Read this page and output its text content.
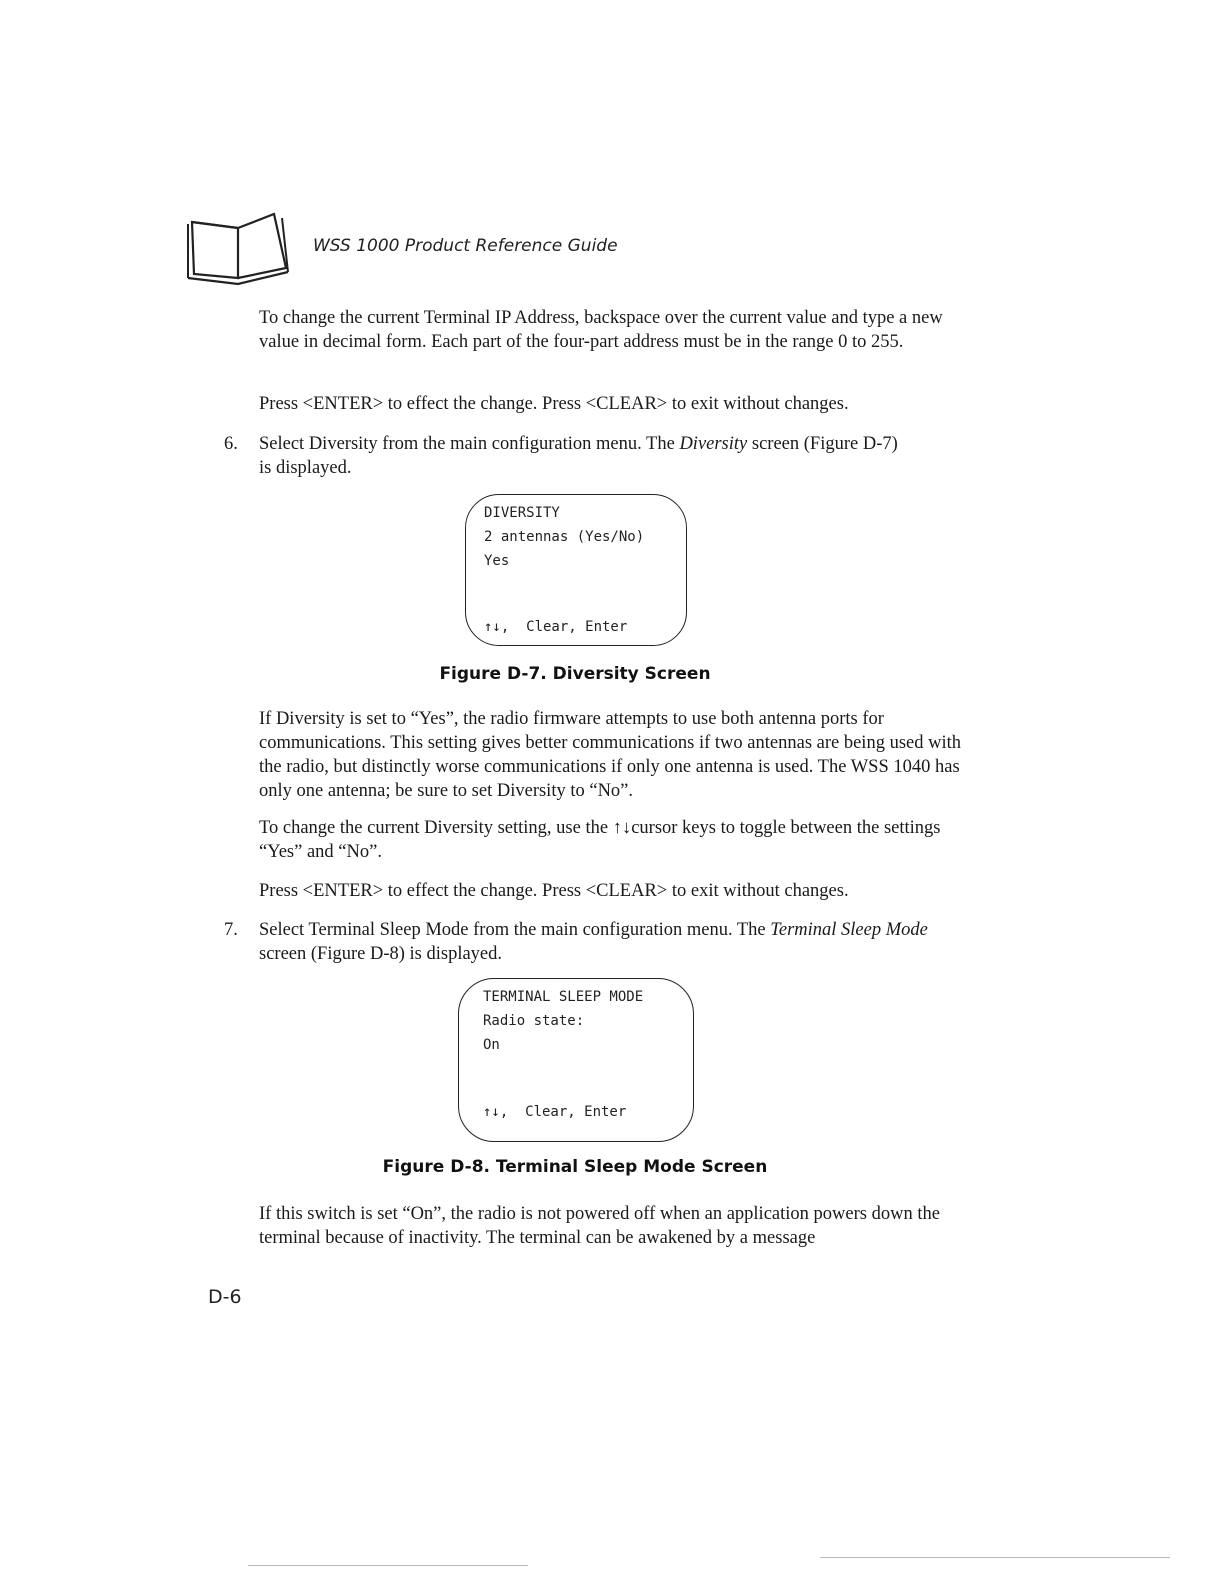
WSS 1000 Product Reference Guide

To change the current Terminal IP Address, backspace over the current value and type a new value in decimal form. Each part of the four-part address must be in the range 0 to 255.

Press <ENTER> to effect the change. Press <CLEAR> to exit without changes.

6. Select Diversity from the main configuration menu. The Diversity screen (Figure D-7) is displayed.

DIVERSITY
2 antennas (Yes/No)
Yes
↑↓,  Clear, Enter
Figure D-7. Diversity Screen

If Diversity is set to “Yes”, the radio firmware attempts to use both antenna ports for communications. This setting gives better communications if two antennas are being used with the radio, but distinctly worse communications if only one antenna is used. The WSS 1040 has only one antenna; be sure to set Diversity to “No”.

To change the current Diversity setting, use the ↑↓cursor keys to toggle between the settings “Yes” and “No”.

Press <ENTER> to effect the change. Press <CLEAR> to exit without changes.

7. Select Terminal Sleep Mode from the main configuration menu. The Terminal Sleep Mode screen (Figure D-8) is displayed.

TERMINAL SLEEP MODE
Radio state:
On
↑↓,  Clear, Enter
Figure D-8. Terminal Sleep Mode Screen

If this switch is set “On”, the radio is not powered off when an application powers down the terminal because of inactivity. The terminal can be awakened by a message

D-6
